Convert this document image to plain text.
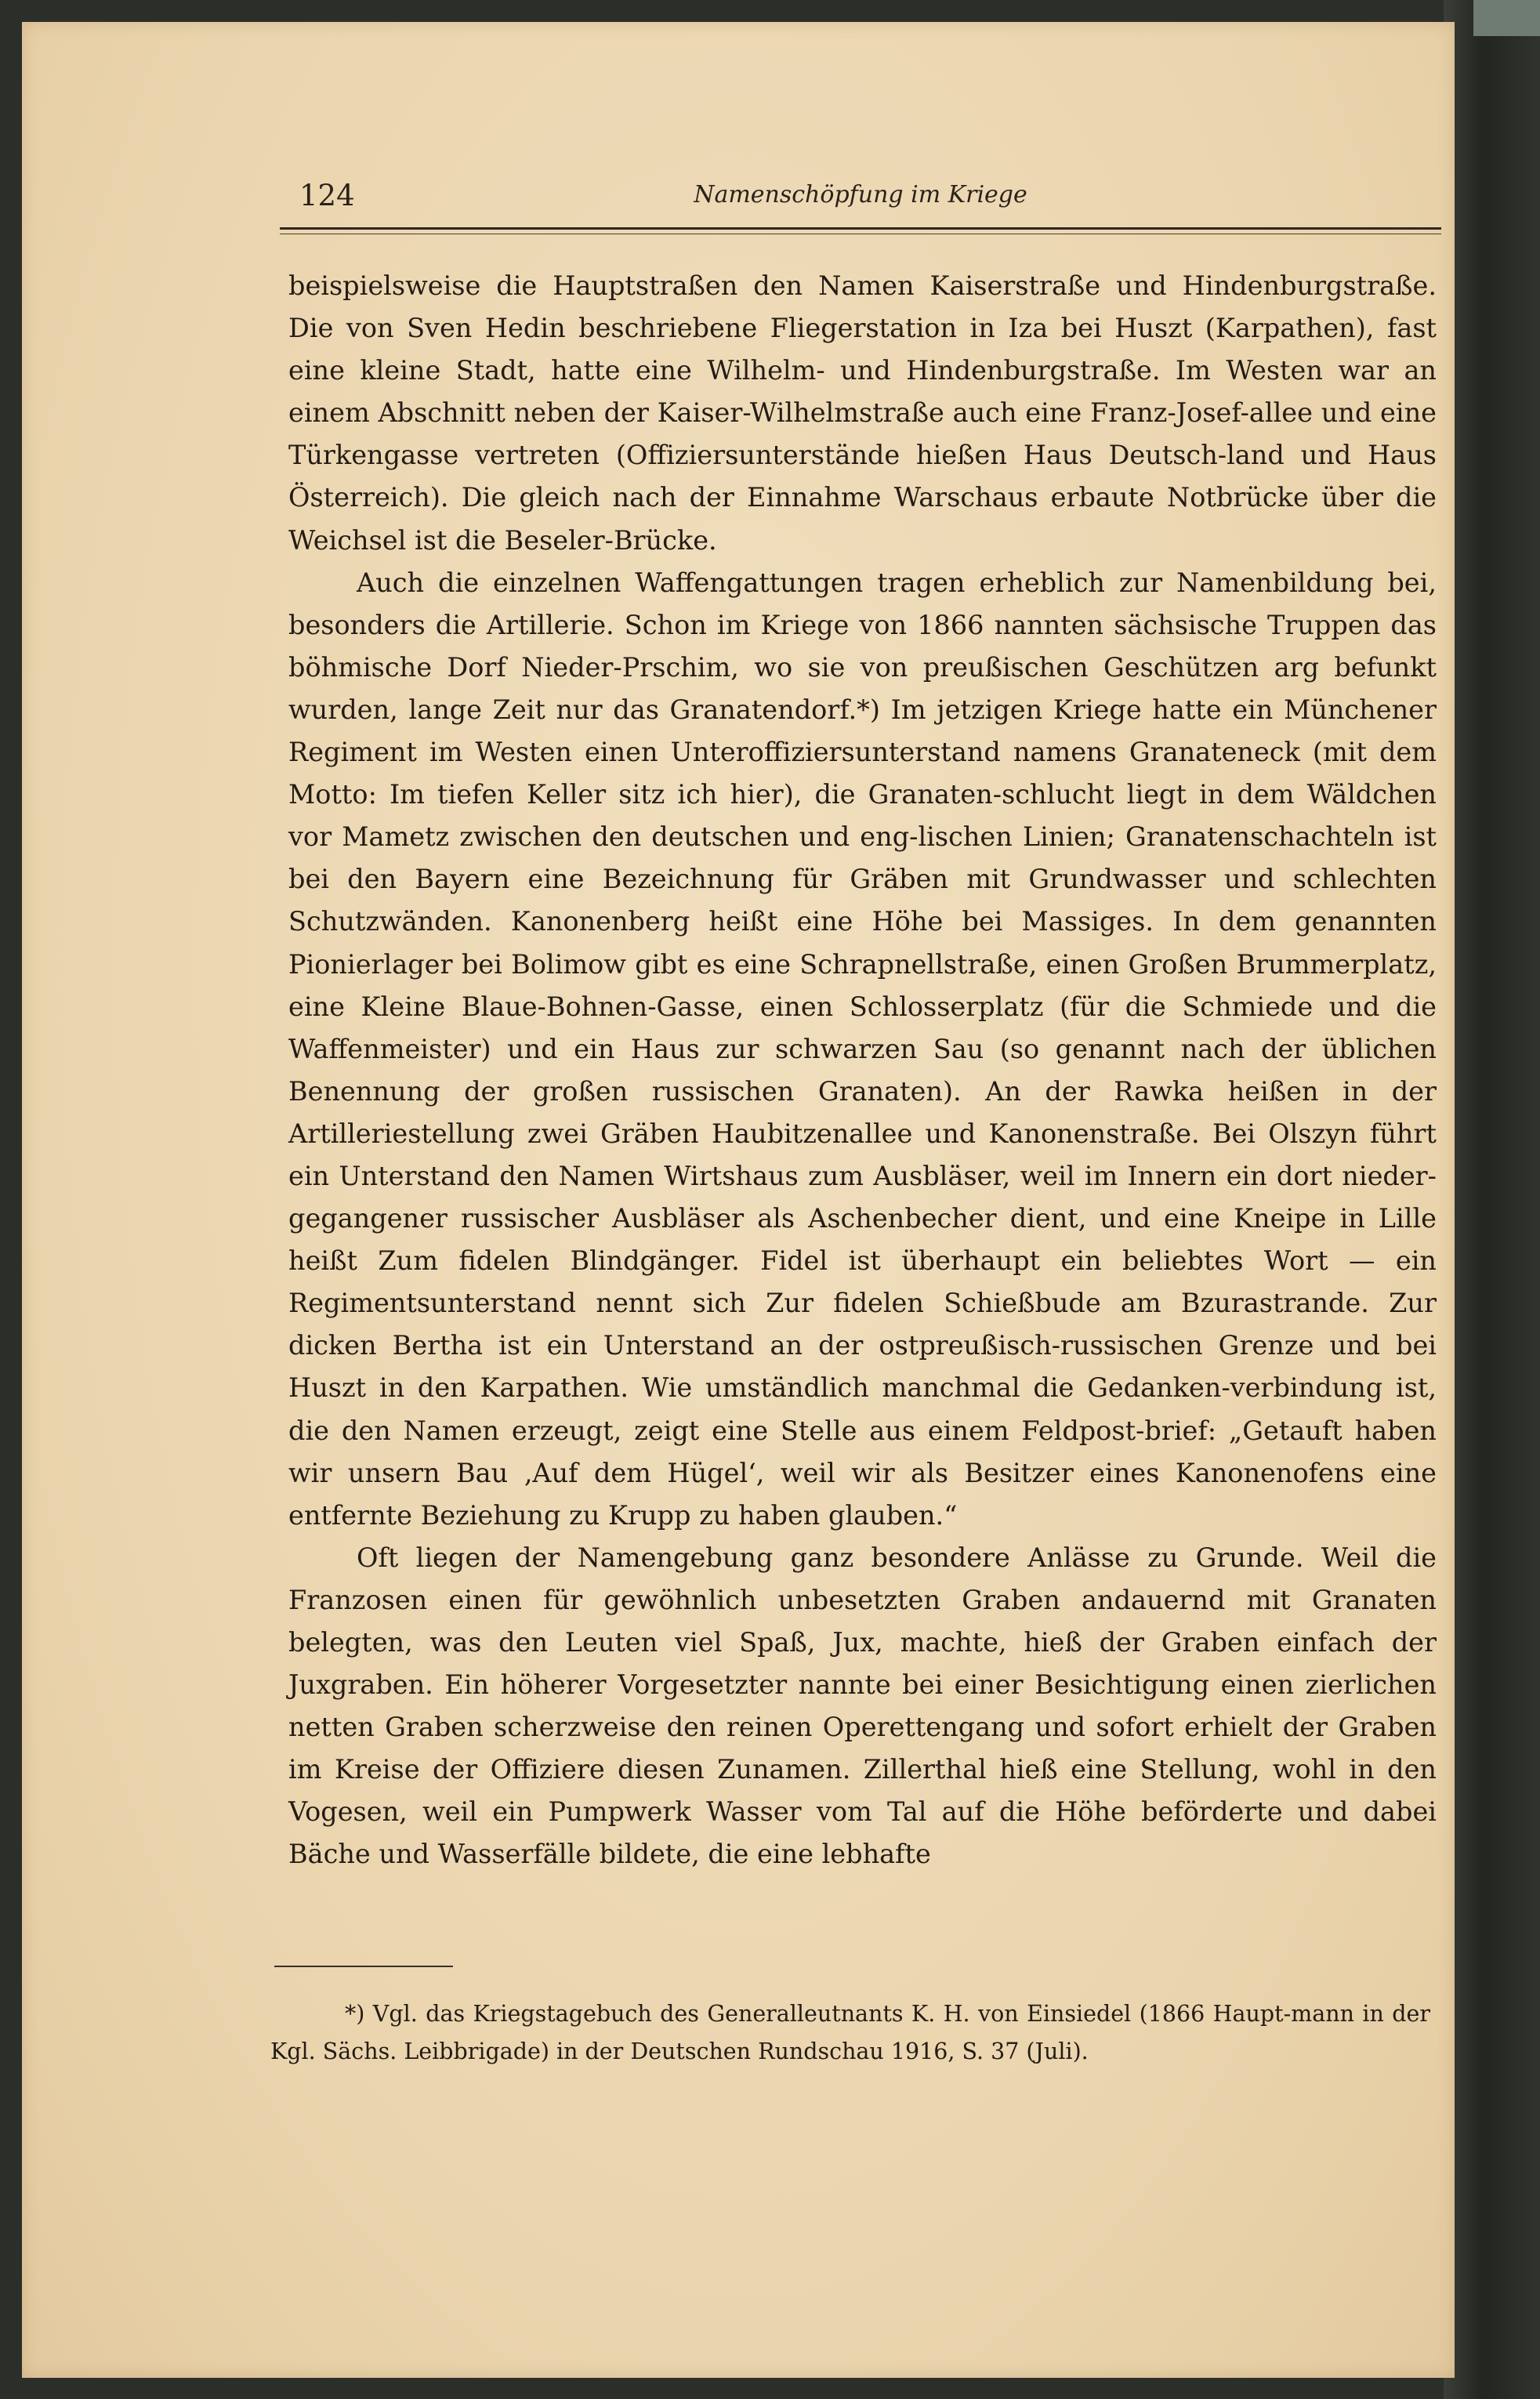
124	Namenschöpfung im Kriege

beispielsweise die Hauptstraßen den Namen Kaiserstraße und Hindenburgstraße. Die von Sven Hedin beschriebene Fliegerstation in Iza bei Huszt (Karpathen), fast eine kleine Stadt, hatte eine Wilhelm- und Hindenburgstraße. Im Westen war an einem Abschnitt neben der Kaiser-Wilhelmstraße auch eine Franz-Josef-allee und eine Türkengasse vertreten (Offiziersunterstände hießen Haus Deutsch-land und Haus Österreich). Die gleich nach der Einnahme Warschaus erbaute Notbrücke über die Weichsel ist die Beseler-Brücke.

Auch die einzelnen Waffengattungen tragen erheblich zur Namenbildung bei, besonders die Artillerie. Schon im Kriege von 1866 nannten sächsische Truppen das böhmische Dorf Nieder-Prschim, wo sie von preußischen Geschützen arg befunkt wurden, lange Zeit nur das Granatendorf.*) Im jetzigen Kriege hatte ein Münchener Regiment im Westen einen Unteroffiziersunterstand namens Granateneck (mit dem Motto: Im tiefen Keller sitz ich hier), die Granaten-schlucht liegt in dem Wäldchen vor Mametz zwischen den deutschen und eng-lischen Linien; Granatenschachteln ist bei den Bayern eine Bezeichnung für Gräben mit Grundwasser und schlechten Schutzwänden. Kanonenberg heißt eine Höhe bei Massiges. In dem genannten Pionierlager bei Bolimow gibt es eine Schrapnellstraße, einen Großen Brummerplatz, eine Kleine Blaue-Bohnen-Gasse, einen Schlosserplatz (für die Schmiede und die Waffenmeister) und ein Haus zur schwarzen Sau (so genannt nach der üblichen Benennung der großen russischen Granaten). An der Rawka heißen in der Artilleriestellung zwei Gräben Haubitzenallee und Kanonenstraße. Bei Olszyn führt ein Unterstand den Namen Wirtshaus zum Ausbläser, weil im Innern ein dort nieder-gegangener russischer Ausbläser als Aschenbecher dient, und eine Kneipe in Lille heißt Zum fidelen Blindgänger. Fidel ist überhaupt ein beliebtes Wort — ein Regimentsunterstand nennt sich Zur fidelen Schießbude am Bzurastrande. Zur dicken Bertha ist ein Unterstand an der ostpreußisch-russischen Grenze und bei Huszt in den Karpathen. Wie umständlich manchmal die Gedanken-verbindung ist, die den Namen erzeugt, zeigt eine Stelle aus einem Feldpost-brief: „Getauft haben wir unsern Bau ‚Auf dem Hügel‘, weil wir als Besitzer eines Kanonenofens eine entfernte Beziehung zu Krupp zu haben glauben.“

Oft liegen der Namengebung ganz besondere Anlässe zu Grunde. Weil die Franzosen einen für gewöhnlich unbesetzten Graben andauernd mit Granaten belegten, was den Leuten viel Spaß, Jux, machte, hieß der Graben einfach der Juxgraben. Ein höherer Vorgesetzter nannte bei einer Besichtigung einen zierlichen netten Graben scherzweise den reinen Operettengang und sofort erhielt der Graben im Kreise der Offiziere diesen Zunamen. Zillerthal hieß eine Stellung, wohl in den Vogesen, weil ein Pumpwerk Wasser vom Tal auf die Höhe beförderte und dabei Bäche und Wasserfälle bildete, die eine lebhafte

*) Vgl. das Kriegstagebuch des Generalleutnants K. H. von Einsiedel (1866 Haupt-mann in der Kgl. Sächs. Leibbrigade) in der Deutschen Rundschau 1916, S. 37 (Juli).
